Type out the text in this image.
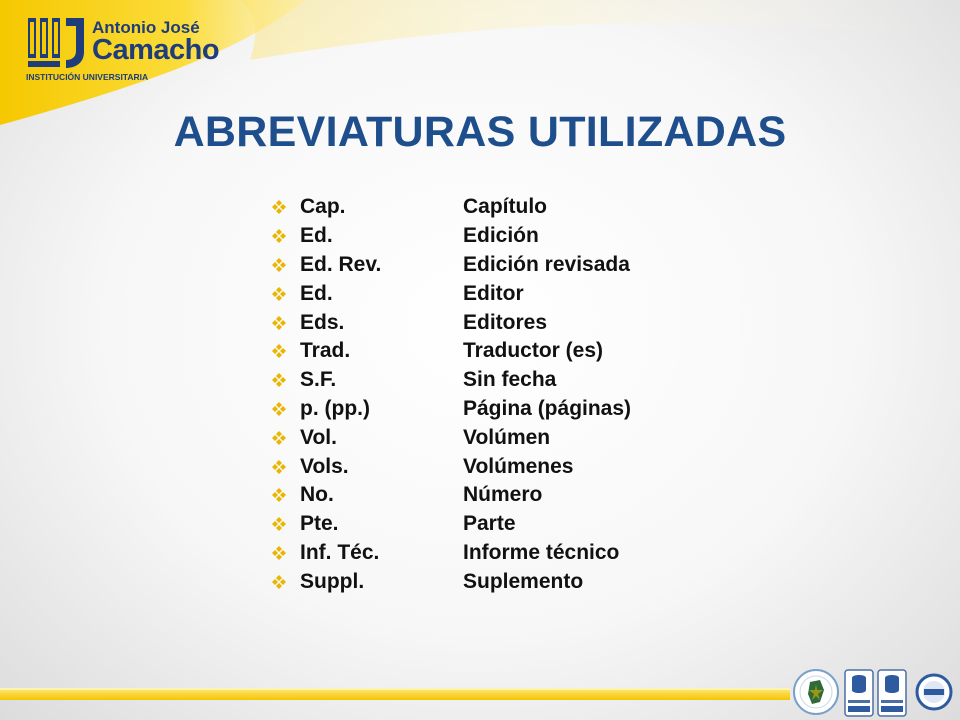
Antonio José
Camacho
INSTITUCIÓN UNIVERSITARIA
ABREVIATURAS UTILIZADAS
Cap.	Capítulo
Ed.	Edición
Ed. Rev.	Edición revisada
Ed.	Editor
Eds.	Editores
Trad.	Traductor (es)
S.F.	Sin fecha
p. (pp.)	Página (páginas)
Vol.	Volúmen
Vols.	Volúmenes
No.	Número
Pte.	Parte
Inf. Téc.	Informe técnico
Suppl.	Suplemento
